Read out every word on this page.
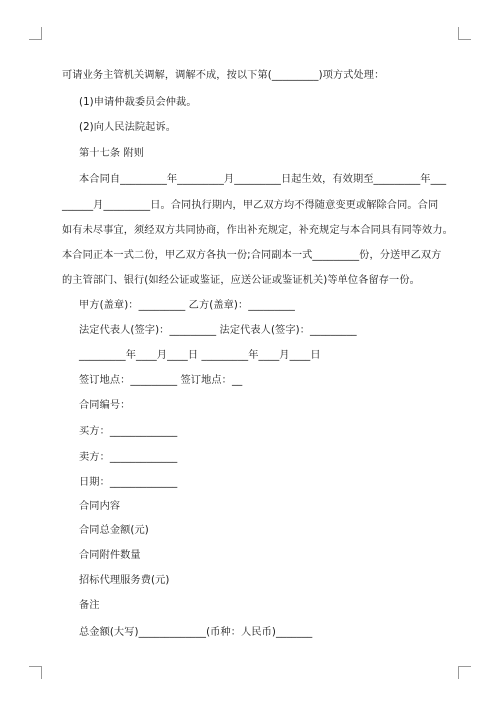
可请业务主管机关调解，调解不成，按以下第(_________)项方式处理：
(1)申请仲裁委员会仲裁。
(2)向人民法院起诉。
第十七条 附则
本合同自_________年_________月_________日起生效，有效期至_________年___
______月_________日。合同执行期内，甲乙双方均不得随意变更或解除合同。合同
如有未尽事宜，须经双方共同协商，作出补充规定，补充规定与本合同具有同等效力。
本合同正本一式二份，甲乙双方各执一份;合同副本一式_________份，分送甲乙双方
的主管部门、银行(如经公证或鉴证，应送公证或鉴证机关)等单位各留存一份。
甲方(盖章)：_________ 乙方(盖章)：_________
法定代表人(签字)：_________ 法定代表人(签字)：_________
_________年____月____日 _________年____月____日
签订地点：_________ 签订地点：__
合同编号：
买方：_____________
卖方：_____________
日期：_____________
合同内容
合同总金额(元)
合同附件数量
招标代理服务费(元)
备注
总金额(大写)_____________(币种：人民币)_______
